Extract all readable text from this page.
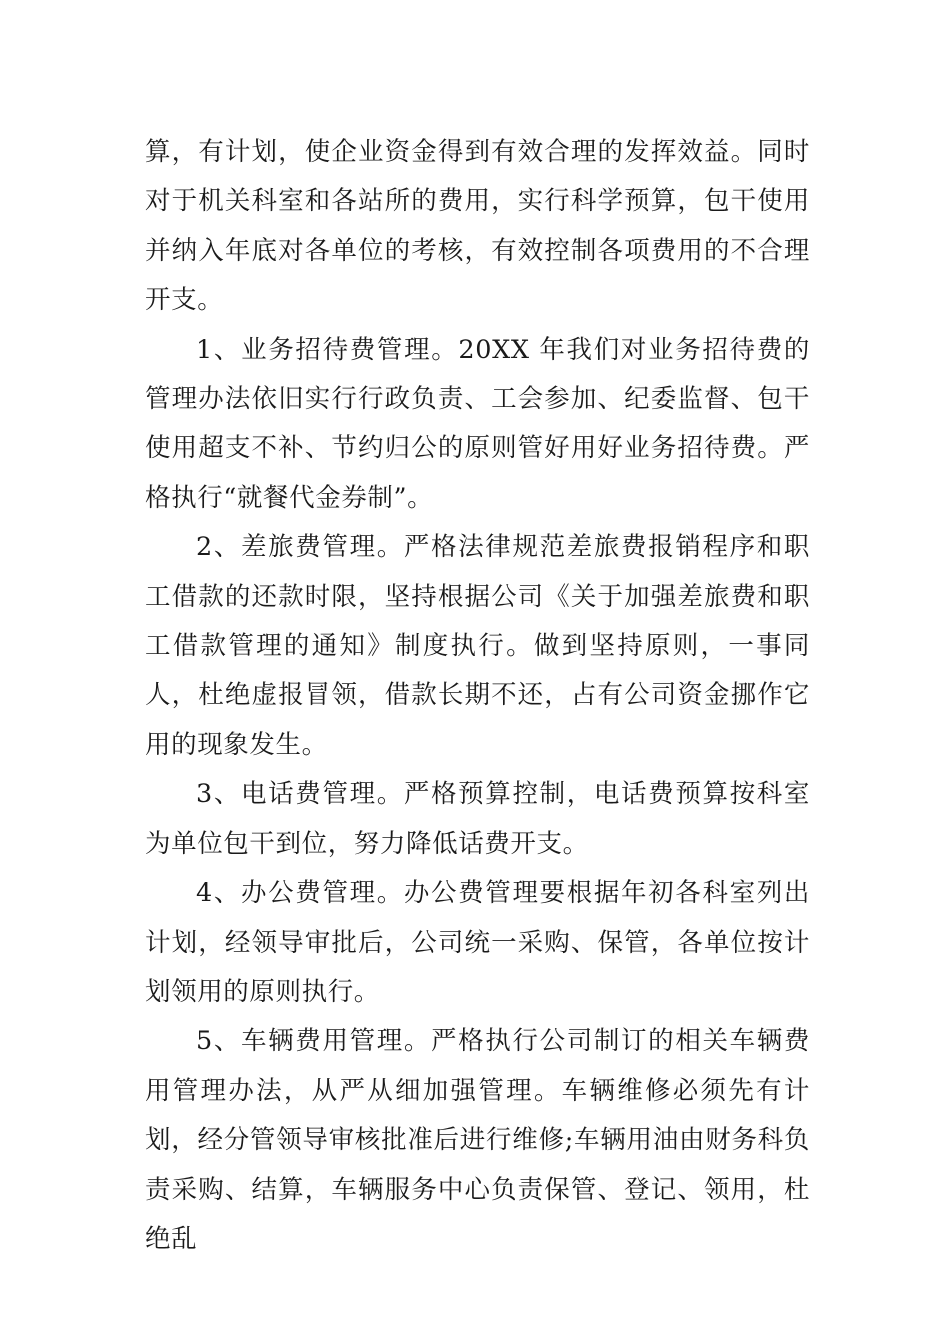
算，有计划，使企业资金得到有效合理的发挥效益。同时对于机关科室和各站所的费用，实行科学预算，包干使用并纳入年底对各单位的考核，有效控制各项费用的不合理开支。

1、业务招待费管理。20XX 年我们对业务招待费的管理办法依旧实行行政负责、工会参加、纪委监督、包干使用超支不补、节约归公的原则管好用好业务招待费。严格执行“就餐代金券制”。

2、差旅费管理。严格法律规范差旅费报销程序和职工借款的还款时限，坚持根据公司《关于加强差旅费和职工借款管理的通知》制度执行。做到坚持原则，一事同人，杜绝虚报冒领，借款长期不还，占有公司资金挪作它用的现象发生。

3、电话费管理。严格预算控制，电话费预算按科室为单位包干到位，努力降低话费开支。

4、办公费管理。办公费管理要根据年初各科室列出计划，经领导审批后，公司统一采购、保管，各单位按计划领用的原则执行。

5、车辆费用管理。严格执行公司制订的相关车辆费用管理办法，从严从细加强管理。车辆维修必须先有计划，经分管领导审核批准后进行维修;车辆用油由财务科负责采购、结算，车辆服务中心负责保管、登记、领用，杜绝乱
